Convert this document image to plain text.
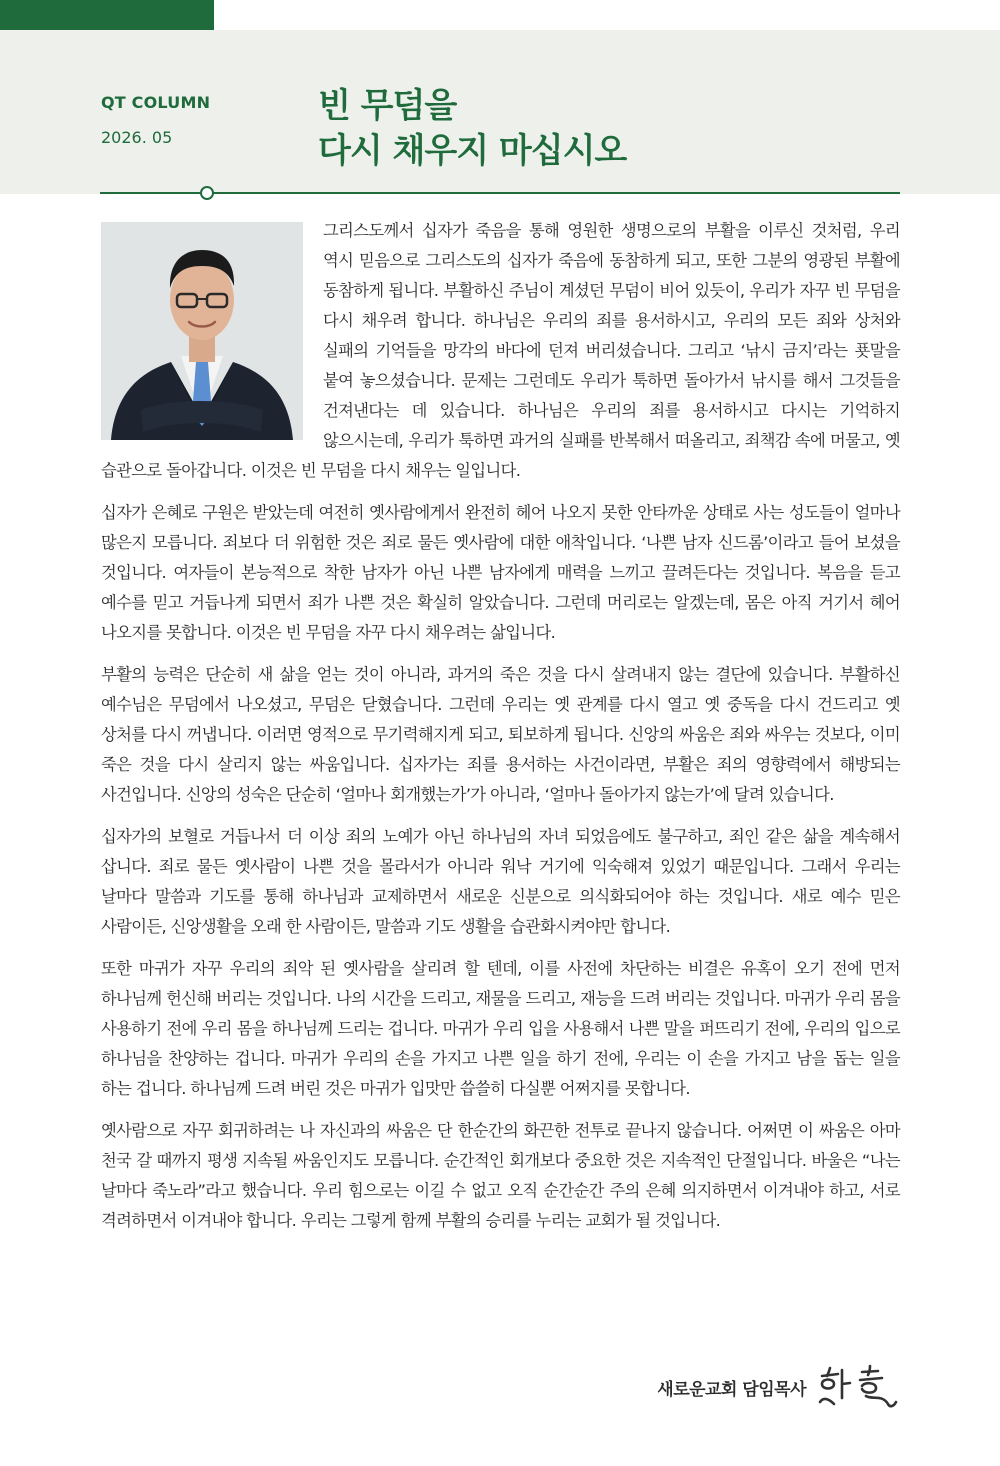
QT COLUMN
2026. 05
빈 무덤을
다시 채우지 마십시오

그리스도께서 십자가 죽음을 통해 영원한 생명으로의 부활을 이루신 것처럼, 우리 역시 믿음으로 그리스도의 십자가 죽음에 동참하게 되고, 또한 그분의 영광된 부활에 동참하게 됩니다. 부활하신 주님이 계셨던 무덤이 비어 있듯이, 우리가 자꾸 빈 무덤을 다시 채우려 합니다. 하나님은 우리의 죄를 용서하시고, 우리의 모든 죄와 상처와 실패의 기억들을 망각의 바다에 던져 버리셨습니다. 그리고 ‘낚시 금지’라는 푯말을 붙여 놓으셨습니다. 문제는 그런데도 우리가 툭하면 돌아가서 낚시를 해서 그것들을 건져낸다는 데 있습니다. 하나님은 우리의 죄를 용서하시고 다시는 기억하지 않으시는데, 우리가 툭하면 과거의 실패를 반복해서 떠올리고, 죄책감 속에 머물고, 옛 습관으로 돌아갑니다. 이것은 빈 무덤을 다시 채우는 일입니다.

십자가 은혜로 구원은 받았는데 여전히 옛사람에게서 완전히 헤어 나오지 못한 안타까운 상태로 사는 성도들이 얼마나 많은지 모릅니다. 죄보다 더 위험한 것은 죄로 물든 옛사람에 대한 애착입니다. ‘나쁜 남자 신드롬’이라고 들어 보셨을 것입니다. 여자들이 본능적으로 착한 남자가 아닌 나쁜 남자에게 매력을 느끼고 끌려든다는 것입니다. 복음을 듣고 예수를 믿고 거듭나게 되면서 죄가 나쁜 것은 확실히 알았습니다. 그런데 머리로는 알겠는데, 몸은 아직 거기서 헤어 나오지를 못합니다. 이것은 빈 무덤을 자꾸 다시 채우려는 삶입니다.

부활의 능력은 단순히 새 삶을 얻는 것이 아니라, 과거의 죽은 것을 다시 살려내지 않는 결단에 있습니다. 부활하신 예수님은 무덤에서 나오셨고, 무덤은 닫혔습니다. 그런데 우리는 옛 관계를 다시 열고 옛 중독을 다시 건드리고 옛 상처를 다시 꺼냅니다. 이러면 영적으로 무기력해지게 되고, 퇴보하게 됩니다. 신앙의 싸움은 죄와 싸우는 것보다, 이미 죽은 것을 다시 살리지 않는 싸움입니다. 십자가는 죄를 용서하는 사건이라면, 부활은 죄의 영향력에서 해방되는 사건입니다. 신앙의 성숙은 단순히 ‘얼마나 회개했는가’가 아니라, ‘얼마나 돌아가지 않는가’에 달려 있습니다.

십자가의 보혈로 거듭나서 더 이상 죄의 노예가 아닌 하나님의 자녀 되었음에도 불구하고, 죄인 같은 삶을 계속해서 삽니다. 죄로 물든 옛사람이 나쁜 것을 몰라서가 아니라 워낙 거기에 익숙해져 있었기 때문입니다. 그래서 우리는 날마다 말씀과 기도를 통해 하나님과 교제하면서 새로운 신분으로 의식화되어야 하는 것입니다. 새로 예수 믿은 사람이든, 신앙생활을 오래 한 사람이든, 말씀과 기도 생활을 습관화시켜야만 합니다.

또한 마귀가 자꾸 우리의 죄악 된 옛사람을 살리려 할 텐데, 이를 사전에 차단하는 비결은 유혹이 오기 전에 먼저 하나님께 헌신해 버리는 것입니다. 나의 시간을 드리고, 재물을 드리고, 재능을 드려 버리는 것입니다. 마귀가 우리 몸을 사용하기 전에 우리 몸을 하나님께 드리는 겁니다. 마귀가 우리 입을 사용해서 나쁜 말을 퍼뜨리기 전에, 우리의 입으로 하나님을 찬양하는 겁니다. 마귀가 우리의 손을 가지고 나쁜 일을 하기 전에, 우리는 이 손을 가지고 남을 돕는 일을 하는 겁니다. 하나님께 드려 버린 것은 마귀가 입맛만 씁쓸히 다실뿐 어쩌지를 못합니다.

옛사람으로 자꾸 회귀하려는 나 자신과의 싸움은 단 한순간의 화끈한 전투로 끝나지 않습니다. 어쩌면 이 싸움은 아마 천국 갈 때까지 평생 지속될 싸움인지도 모릅니다. 순간적인 회개보다 중요한 것은 지속적인 단절입니다. 바울은 “나는 날마다 죽노라”라고 했습니다. 우리 힘으로는 이길 수 없고 오직 순간순간 주의 은혜 의지하면서 이겨내야 하고, 서로 격려하면서 이겨내야 합니다. 우리는 그렇게 함께 부활의 승리를 누리는 교회가 될 것입니다.

새로운교회 담임목사
